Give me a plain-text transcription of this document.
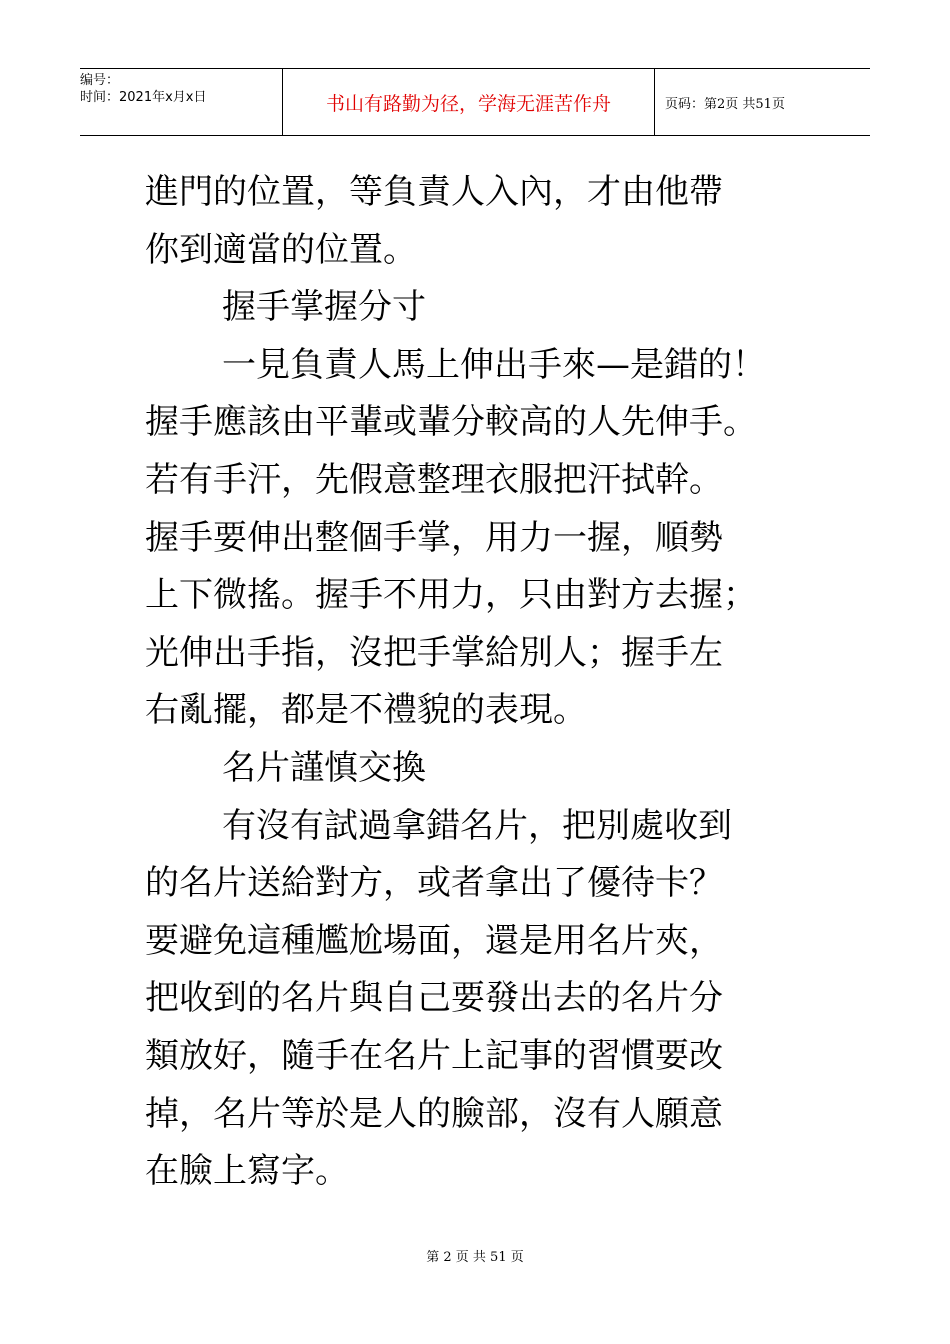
编号：
时间：2021年x月x日	书山有路勤为径，学海无涯苦作舟	页码：第2页 共51页
進門的位置，等負責人入內，才由他帶
你到適當的位置。
握手掌握分寸
一見負責人馬上伸出手來—是錯的！
握手應該由平輩或輩分較高的人先伸手。
若有手汗，先假意整理衣服把汗拭幹。
握手要伸出整個手掌，用力一握，順勢
上下微搖。握手不用力，只由對方去握；
光伸出手指，沒把手掌給別人；握手左
右亂擺，都是不禮貌的表現。
名片謹慎交換
有沒有試過拿錯名片，把別處收到
的名片送給對方，或者拿出了優待卡？
要避免這種尷尬場面，還是用名片夾，
把收到的名片與自己要發出去的名片分
類放好，隨手在名片上記事的習慣要改
掉，名片等於是人的臉部，沒有人願意
在臉上寫字。
第 2 页 共 51 页
